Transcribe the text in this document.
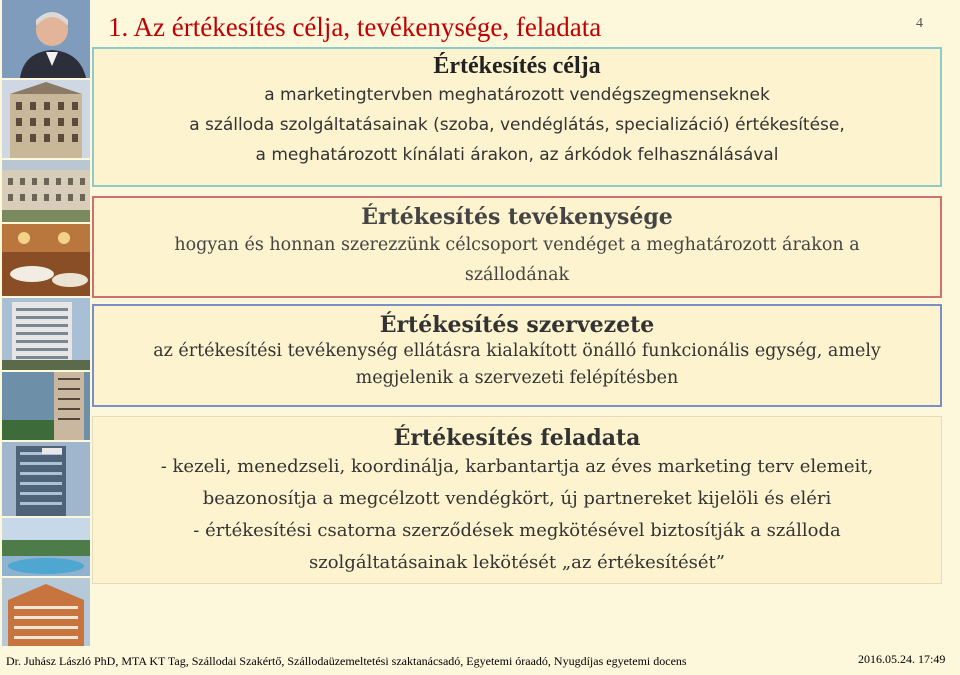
1. Az értékesítés célja, tevékenysége, feladata	4
Értékesítés célja

a marketingtervben meghatározott vendégszegmenseknek

a szálloda szolgáltatásainak (szoba, vendéglátás, specializáció) értékesítése,

a meghatározott kínálati árakon, az árkódok felhasználásával

Értékesítés tevékenysége

hogyan és honnan szerezzünk célcsoport vendéget a meghatározott árakon a

szállodának

Értékesítés szervezete

az értékesítési tevékenység ellátásra kialakított önálló funkcionális egység, amely

megjelenik a szervezeti felépítésben

Értékesítés feladata

- kezeli, menedzseli, koordinálja, karbantartja az éves marketing terv elemeit,

beazonosítja a megcélzott vendégkört, új partnereket kijelöli és eléri

- értékesítési csatorna szerződések megkötésével biztosítják a szálloda

szolgáltatásainak lekötését „az értékesítését”

Dr. Juhász László PhD, MTA KT Tag, Szállodai Szakértő, Szállodaüzemeltetési szaktanácsadó, Egyetemi óraadó, Nyugdíjas egyetemi docens	2016.05.24. 17:49
